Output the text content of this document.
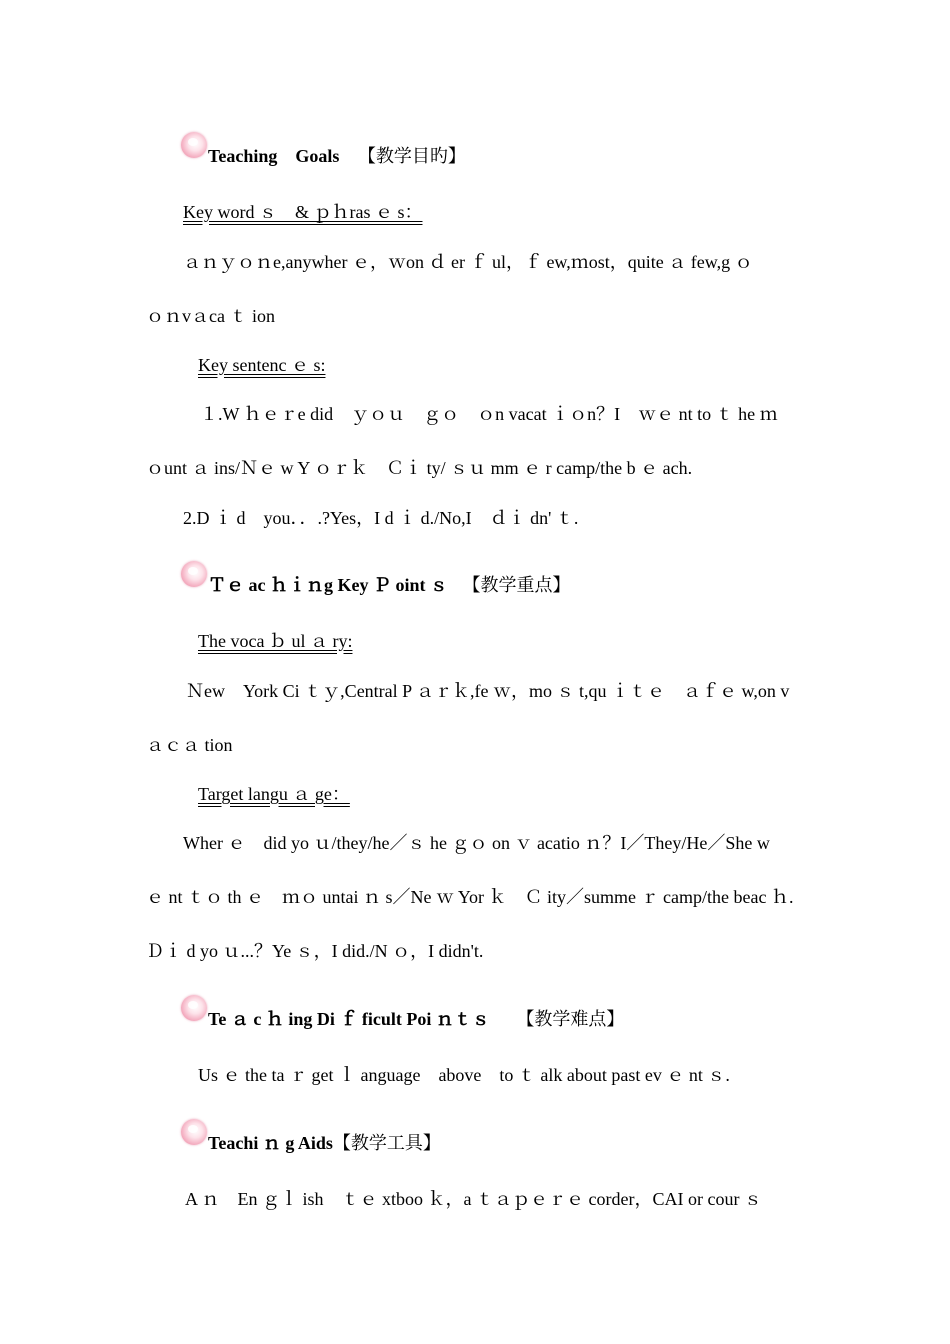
Teaching　Goals 【教学目旳】
Key word ｓ　& ｐｈras ｅ s：
ａｎｙｏｎe,anywher ｅ，ｗon ｄ er ｆ ul，ｆ ew,ｍost，quite ａ few,g ｏ
ｏｎvａca ｔ ion
Key sentenc ｅ s:
１.W ｈｅｒe did　ｙｏｕ　ｇｏ　ｏn vacat ｉｏn？I　ｗｅ nt to ｔ he ｍ
ｏunt ａ ins/Ｎｅ w Y ｏｒｋ　Ｃｉ ty/ ｓｕ mm ｅ r camp/the b ｅ ach.
2.D ｉ d　you．．.?Yes，I d ｉ d./No,I　ｄｉ dn' ｔ.
Ｔｅ ac ｈｉｎg Key Ｐ oint ｓ 【教学重点】
The voca ｂ ul ａ ry:
Ｎew　York Ci ｔｙ,Central P ａｒｋ,fe ｗ，mo ｓ t,qu ｉｔｅ　ａｆｅ w,on v
ａｃａ tion
Target langu ａ ge：
Wher ｅ　did yo ｕ/they/he／ｓ he ｇｏ on ｖ acatio ｎ？I／They/He／She w
ｅ nt ｔｏ th ｅ　ｍｏ untai ｎ s／Ne ｗ Yor ｋ　Ｃ ity／summe ｒ camp/the beac ｈ.
Ｄｉ d yo ｕ...？Ye ｓ，I did./N ｏ，I didn't.
Te ａ c ｈ ing Di ｆ ficult Poi ｎｔｓ 【教学难点】
Us ｅ the ta ｒ get ｌ anguage　above　to ｔ alk about past ev ｅ nt ｓ.
Teachi ｎ g Aids【教学工具】
A ｎ　En ｇｌ ish　ｔｅ xtboo ｋ，a ｔａｐｅｒｅ corder，CAI or cour ｓ
